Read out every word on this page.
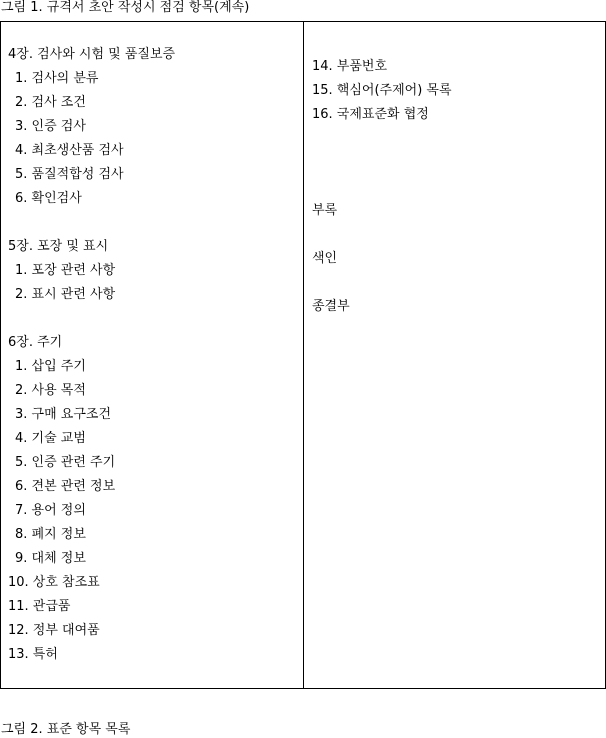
그림 1. 규격서 초안 작성시 점검 항목(계속)
4장. 검사와 시험 및 품질보증
1. 검사의 분류
2. 검사 조건
3. 인증 검사
4. 최초생산품 검사
5. 품질적합성 검사
6. 확인검사
5장. 포장 및 표시
1. 포장 관련 사항
2. 표시 관련 사항
6장. 주기
1. 삽입 주기
2. 사용 목적
3. 구매 요구조건
4. 기술 교범
5. 인증 관련 주기
6. 견본 관련 정보
7. 용어 정의
8. 폐지 정보
9. 대체 정보
10. 상호 참조표
11. 관급품
12. 정부 대여품
13. 특허
14. 부품번호
15. 핵심어(주제어) 목록
16. 국제표준화 협정
부록
색인
종결부
그림 2. 표준 항목 목록
